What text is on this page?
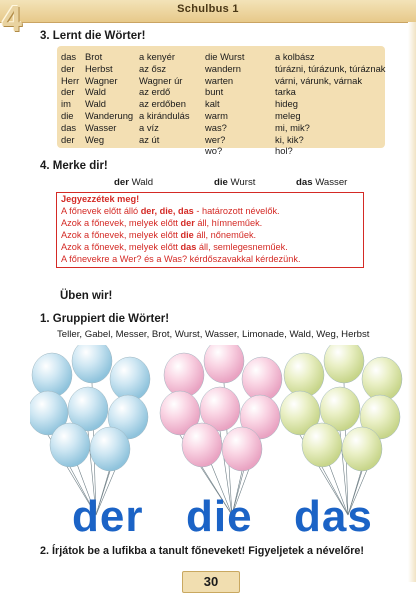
Schulbus 1
4 3. Lernt die Wörter!
das
der
Herr
der
im
die
das
der
Brot
Herbst
Wagner
Wald
Wald
Wanderung
Wasser
Weg
a kenyér
az ősz
Wagner úr
az erdő
az erdőben
a kirándulás
a víz
az út
die Wurst
wandern
warten
bunt
kalt
warm
was?
wer?
wo?
a kolbász
túrázni, túrázunk, túráznak
várni, várunk, várnak
tarka
hideg
meleg
mi, mik?
ki, kik?
hol?
4. Merke dir!
der Wald	die Wurst	das Wasser
Jegyezzétek meg!
A főnevek előtt álló der, die, das - határozott névelők.
Azok a főnevek, melyek előtt der áll, hímneműek.
Azok a főnevek, melyek előtt die áll, nőneműek.
Azok a főnevek, melyek előtt das áll, semlegesneműek.
A főnevekre a Wer? és a Was? kérdőszavakkal kérdezünk.
Üben wir!
1. Gruppiert die Wörter!
Teller, Gabel, Messer, Brot, Wurst, Wasser, Limonade, Wald, Weg, Herbst
der die das
2. Írjátok be a lufikba a tanult főneveket! Figyeljetek a névelőre!
30
